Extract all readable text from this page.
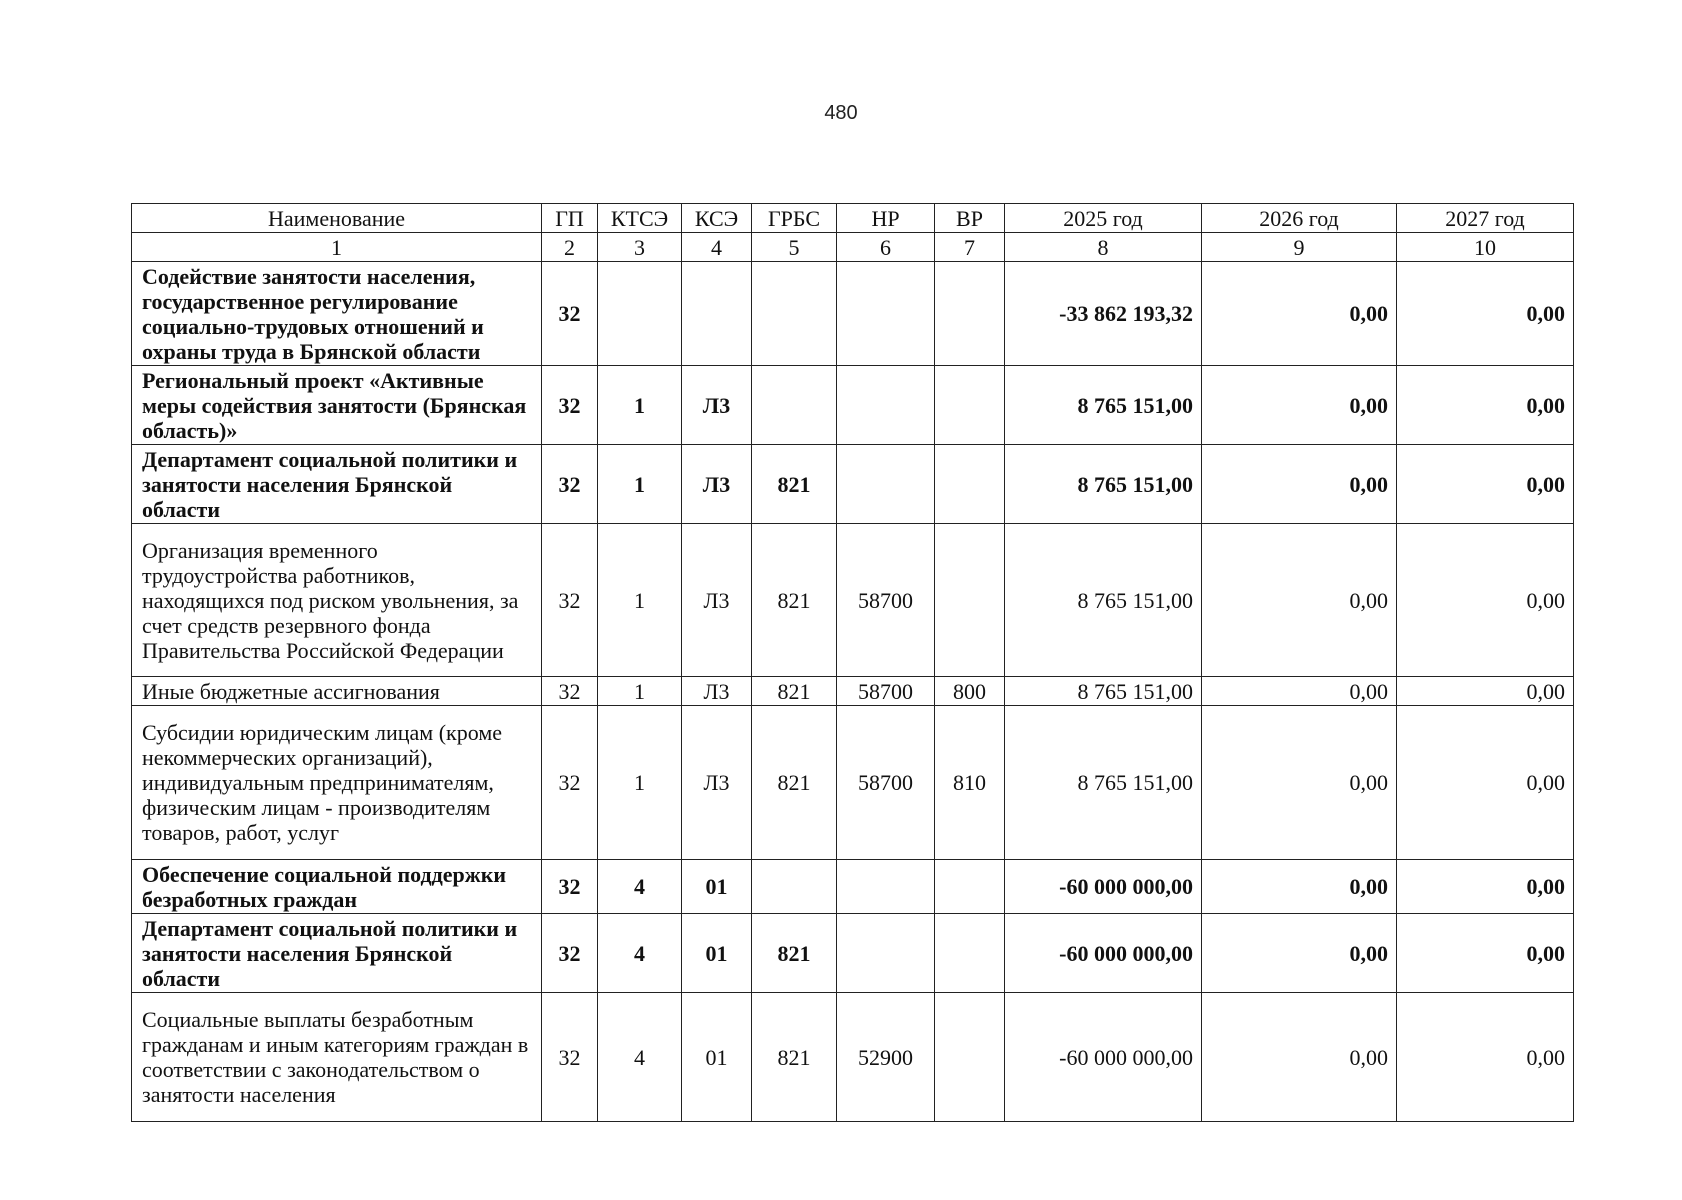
480
Наименование	ГП	КТСЭ	КСЭ	ГРБС	НР	ВР	2025 год	2026 год	2027 год
1	2	3	4	5	6	7	8	9	10
Содействие занятости населения, государственное регулирование социально-трудовых отношений и охраны труда в Брянской области	32						-33 862 193,32	0,00	0,00
Региональный проект «Активные меры содействия занятости (Брянская область)»	32	1	Л3				8 765 151,00	0,00	0,00
Департамент социальной политики и занятости населения Брянской области	32	1	Л3	821			8 765 151,00	0,00	0,00
Организация временного трудоустройства работников, находящихся под риском увольнения, за счет средств резервного фонда Правительства Российской Федерации	32	1	Л3	821	58700		8 765 151,00	0,00	0,00
Иные бюджетные ассигнования	32	1	Л3	821	58700	800	8 765 151,00	0,00	0,00
Субсидии юридическим лицам (кроме некоммерческих организаций), индивидуальным предпринимателям, физическим лицам - производителям товаров, работ, услуг	32	1	Л3	821	58700	810	8 765 151,00	0,00	0,00
Обеспечение социальной поддержки безработных граждан	32	4	01				-60 000 000,00	0,00	0,00
Департамент социальной политики и занятости населения Брянской области	32	4	01	821			-60 000 000,00	0,00	0,00
Социальные выплаты безработным гражданам и иным категориям граждан в соответствии с законодательством о занятости населения	32	4	01	821	52900		-60 000 000,00	0,00	0,00
